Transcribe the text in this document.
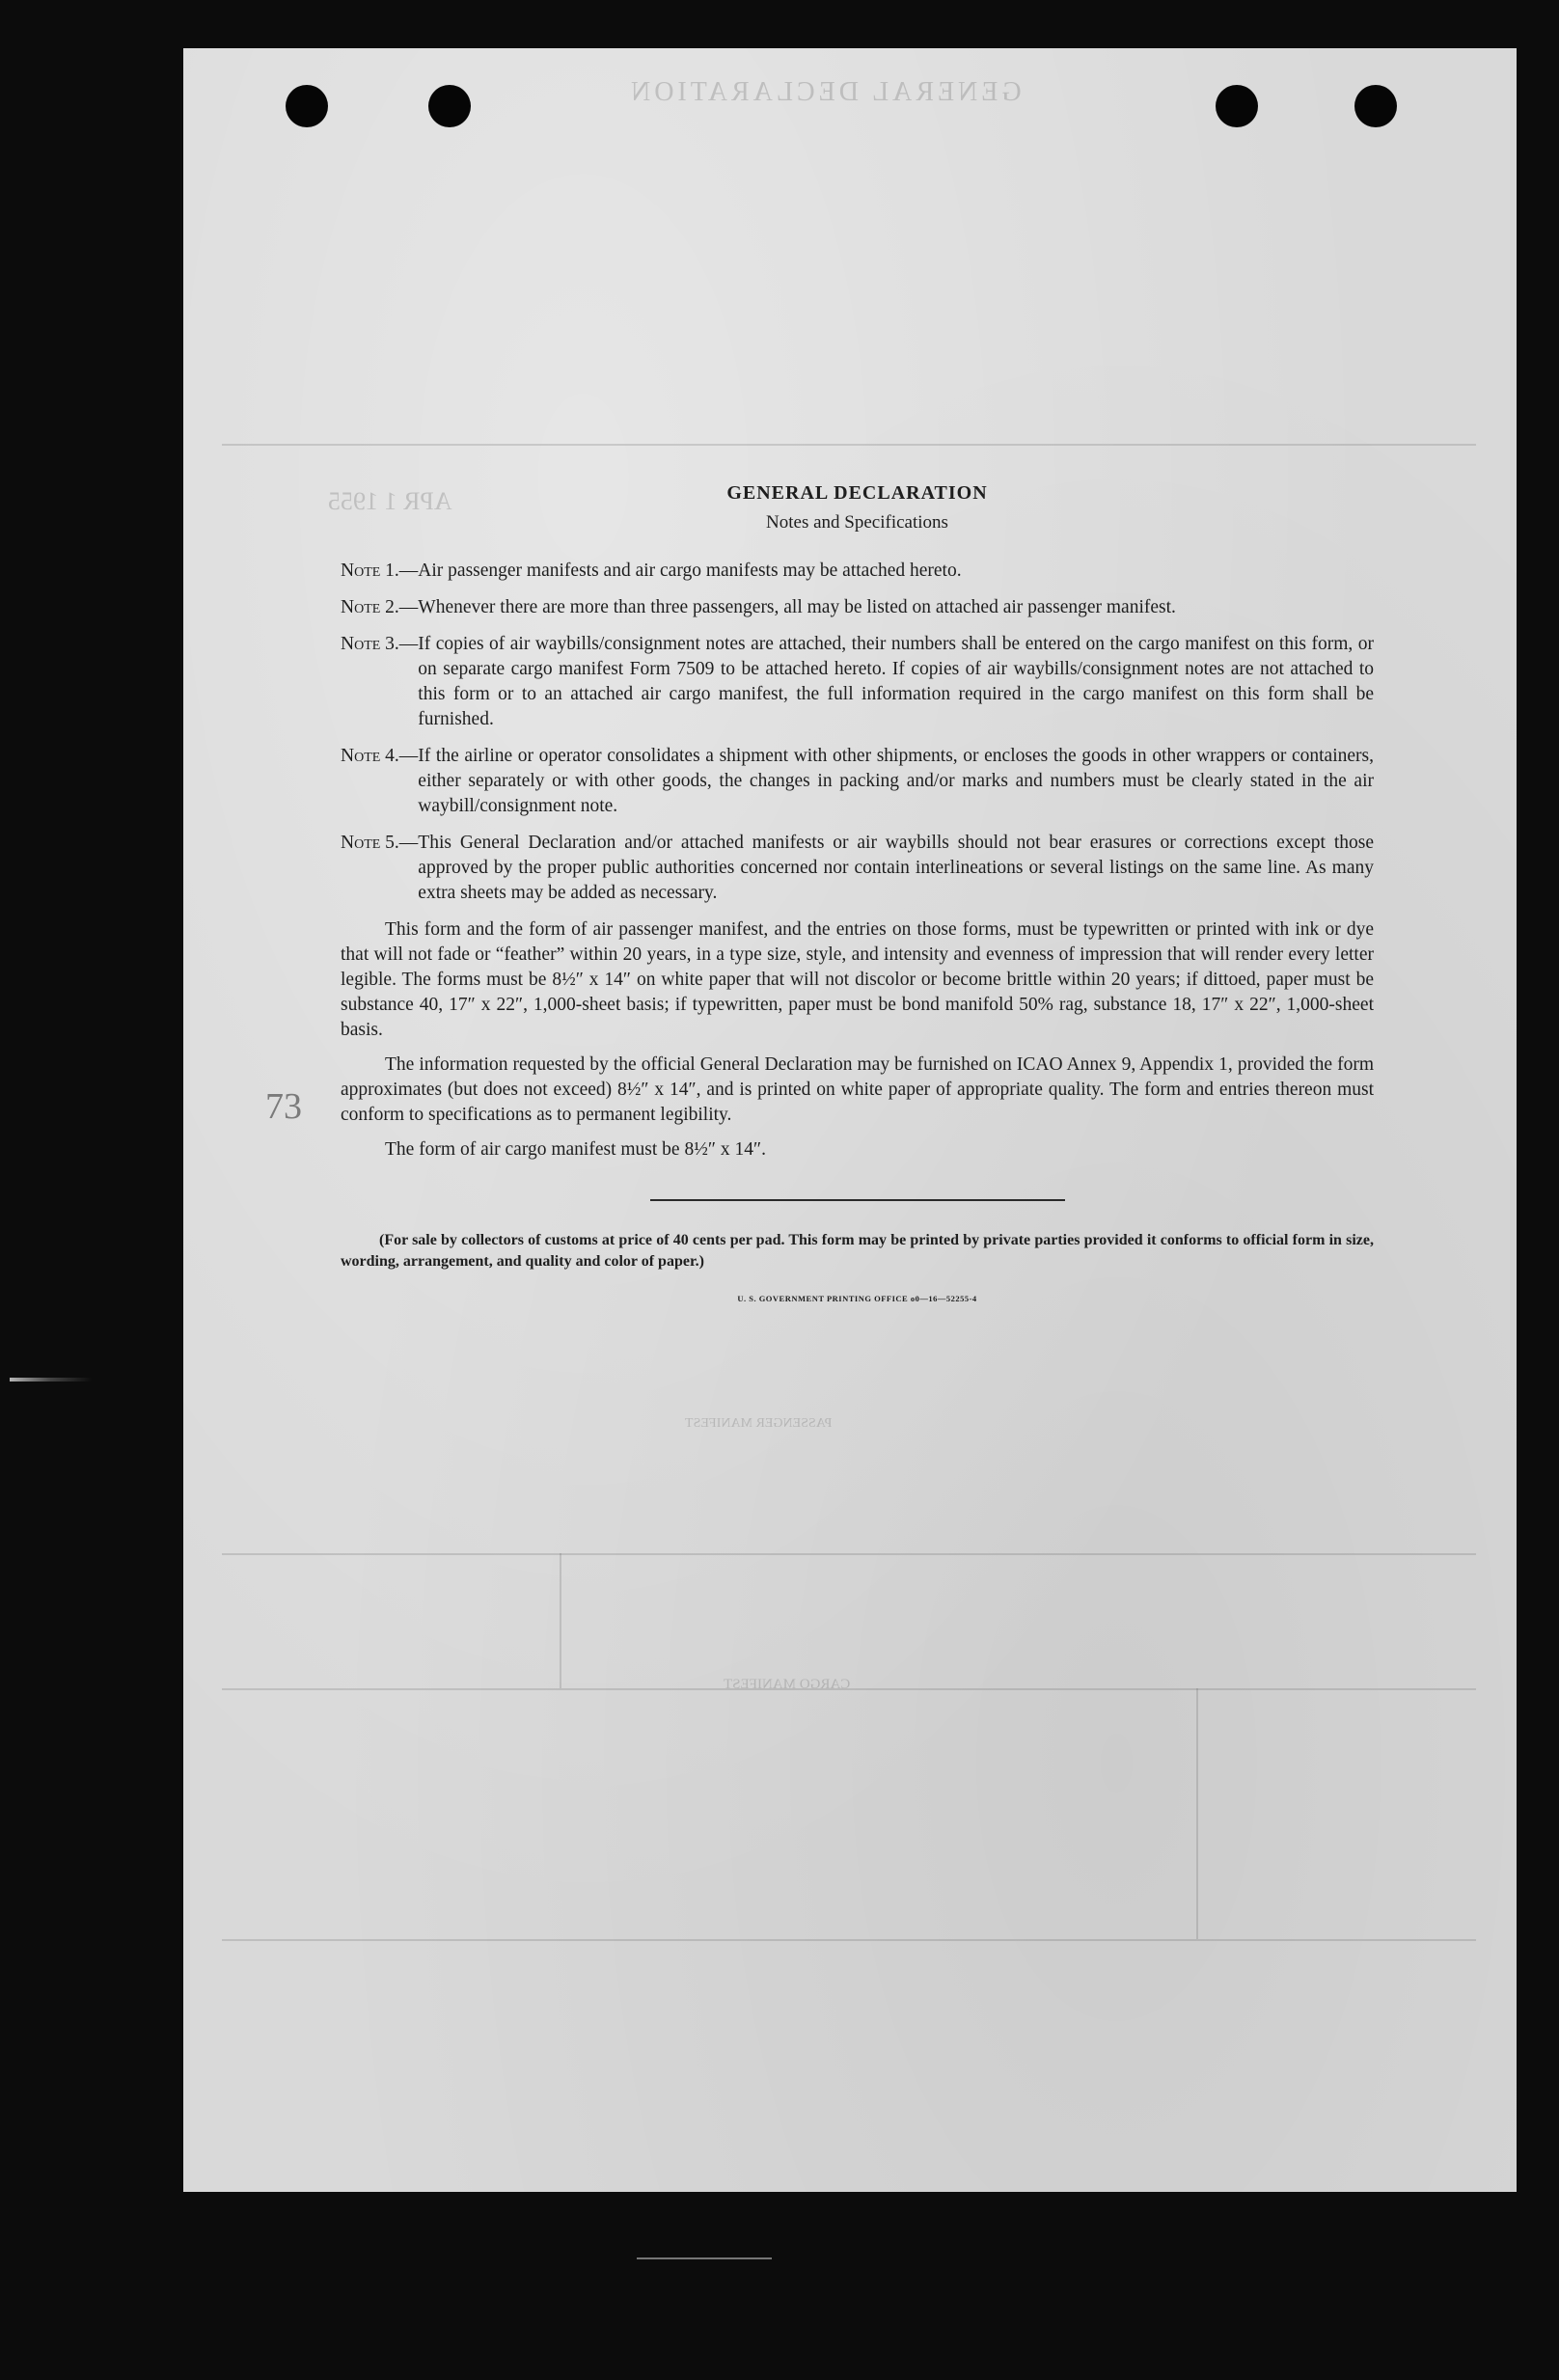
GENERAL DECLARATION
APR 1 1955
PASSENGER MANIFEST
CARGO MANIFEST
73
GENERAL DECLARATION
Notes and Specifications
Note 1.— Air passenger manifests and air cargo manifests may be attached hereto.
Note 2.— Whenever there are more than three passengers, all may be listed on attached air passenger manifest.
Note 3.— If copies of air waybills/consignment notes are attached, their numbers shall be entered on the cargo manifest on this form, or on separate cargo manifest Form 7509 to be attached hereto. If copies of air waybills/consignment notes are not attached to this form or to an attached air cargo manifest, the full information required in the cargo manifest on this form shall be furnished.
Note 4.— If the airline or operator consolidates a shipment with other shipments, or encloses the goods in other wrappers or containers, either separately or with other goods, the changes in packing and/or marks and numbers must be clearly stated in the air waybill/consignment note.
Note 5.— This General Declaration and/or attached manifests or air waybills should not bear erasures or corrections except those approved by the proper public authorities concerned nor contain interlineations or several listings on the same line. As many extra sheets may be added as necessary.

This form and the form of air passenger manifest, and the entries on those forms, must be typewritten or printed with ink or dye that will not fade or “feather” within 20 years, in a type size, style, and intensity and evenness of impression that will render every letter legible. The forms must be 8½″ x 14″ on white paper that will not discolor or become brittle within 20 years; if dittoed, paper must be substance 40, 17″ x 22″, 1,000-sheet basis; if typewritten, paper must be bond manifold 50% rag, substance 18, 17″ x 22″, 1,000-sheet basis.

The information requested by the official General Declaration may be furnished on ICAO Annex 9, Appendix 1, provided the form approximates (but does not exceed) 8½″ x 14″, and is printed on white paper of appropriate quality. The form and entries thereon must conform to specifications as to permanent legibility.

The form of air cargo manifest must be 8½″ x 14″.

(For sale by collectors of customs at price of 40 cents per pad. This form may be printed by private parties provided it conforms to official form in size, wording, arrangement, and quality and color of paper.)

U. S. GOVERNMENT PRINTING OFFICE o0—16—52255-4
